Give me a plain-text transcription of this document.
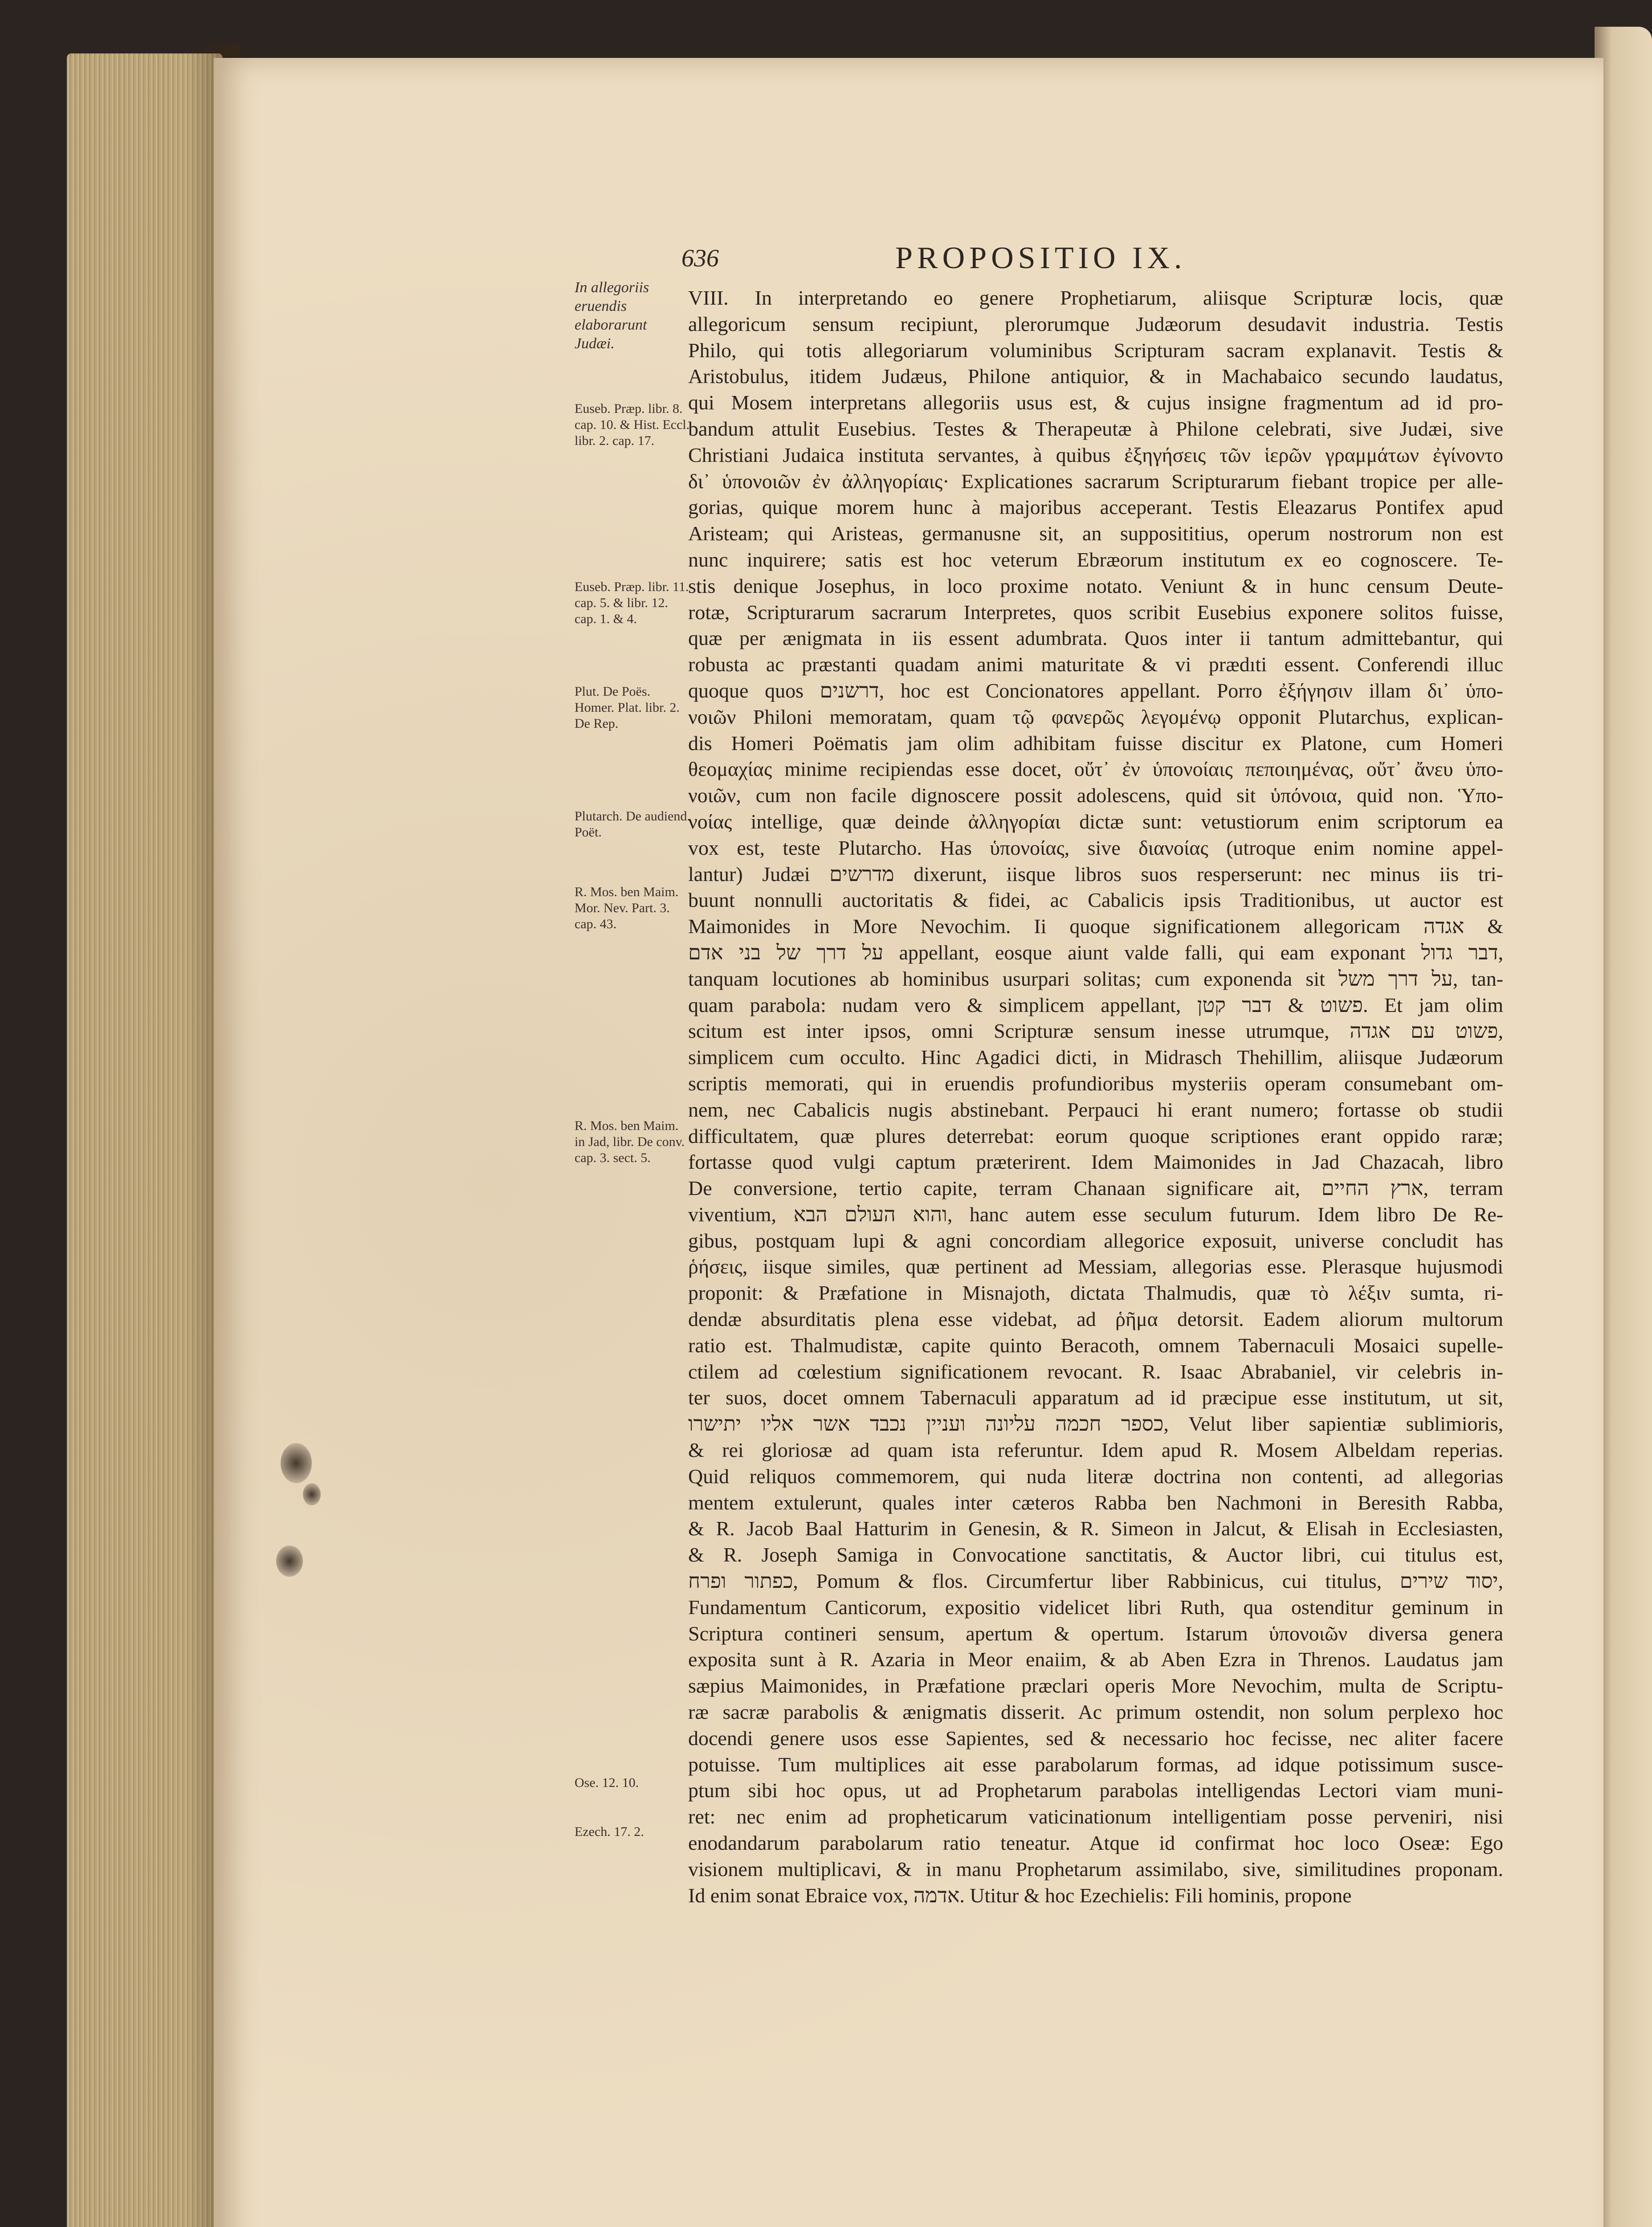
636	PROPOSITIO IX.
In allegoriis eruendis elaborarunt Judæi.
Euseb. Præp. libr. 8. cap. 10. & Hist. Eccl. libr. 2. cap. 17.
Euseb. Præp. libr. 11. cap. 5. & libr. 12. cap. 1. & 4.
Plut. De Poës. Homer. Plat. libr. 2. De Rep.
Plutarch. De audiend. Poët.
R. Mos. ben Maim. Mor. Nev. Part. 3. cap. 43.
R. Mos. ben Maim. in Jad, libr. De conv. cap. 3. sect. 5.
Ose. 12. 10.
Ezech. 17. 2.
VIII. In interpretando eo genere Prophetiarum, aliisque Scripturæ locis, quæ
allegoricum sensum recipiunt, plerorumque Judæorum desudavit industria. Testis
Philo, qui totis allegoriarum voluminibus Scripturam sacram explanavit. Testis &
Aristobulus, itidem Judæus, Philone antiquior, & in Machabaico secundo laudatus,
qui Mosem interpretans allegoriis usus est, & cujus insigne fragmentum ad id pro-
bandum attulit Eusebius. Testes & Therapeutæ à Philone celebrati, sive Judæi, sive
Christiani Judaica instituta servantes, à quibus ἐξηγήσεις τῶν ἱερῶν γραμμάτων ἐγίνοντο
δι᾽ ὑπονοιῶν ἐν ἀλληγορίαις· Explicationes sacrarum Scripturarum fiebant tropice per alle-
gorias, quique morem hunc à majoribus acceperant. Testis Eleazarus Pontifex apud
Aristeam; qui Aristeas, germanusne sit, an supposititius, operum nostrorum non est
nunc inquirere; satis est hoc veterum Ebræorum institutum ex eo cognoscere. Te-
stis denique Josephus, in loco proxime notato. Veniunt & in hunc censum Deute-
rotæ, Scripturarum sacrarum Interpretes, quos scribit Eusebius exponere solitos fuisse,
quæ per ænigmata in iis essent adumbrata. Quos inter ii tantum admittebantur, qui
robusta ac præstanti quadam animi maturitate & vi prædıti essent. Conferendi illuc
quoque quos דרשנים, hoc est Concionatores appellant. Porro ἐξήγησιν illam δι᾽ ὑπο-
νοιῶν Philoni memoratam, quam τῷ φανερῶς λεγομένῳ opponit Plutarchus, explican-
dis Homeri Poëmatis jam olim adhibitam fuisse discitur ex Platone, cum Homeri
θεομαχίας minime recipiendas esse docet, οὔτ᾽ ἐν ὑπονοίαις πεποιημένας, οὔτ᾽ ἄνευ ὑπο-
νοιῶν, cum non facile dignoscere possit adolescens, quid sit ὑπόνοια, quid non. Ὑπο-
νοίας intellige, quæ deinde ἀλληγορίαι dictæ sunt: vetustiorum enim scriptorum ea
vox est, teste Plutarcho. Has ὑπονοίας, sive διανοίας (utroque enim nomine appel-
lantur) Judæi מדרשים dixerunt, iisque libros suos resperserunt: nec minus iis tri-
buunt nonnulli auctoritatis & fidei, ac Cabalicis ipsis Traditionibus, ut auctor est
Maimonides in More Nevochim. Ii quoque significationem allegoricam אגדה &
על דרך של בני אדם appellant, eosque aiunt valde falli, qui eam exponant דבר גדול,
tanquam locutiones ab hominibus usurpari solitas; cum exponenda sit על דרך משל, tan-
quam parabola: nudam vero & simplicem appellant, פשוט & דבר קטן. Et jam olim
scitum est inter ipsos, omni Scripturæ sensum inesse utrumque, פשוט עם אגדה,
simplicem cum occulto. Hinc Agadici dicti, in Midrasch Thehillim, aliisque Judæorum
scriptis memorati, qui in eruendis profundioribus mysteriis operam consumebant om-
nem, nec Cabalicis nugis abstinebant. Perpauci hi erant numero; fortasse ob studii
difficultatem, quæ plures deterrebat: eorum quoque scriptiones erant oppido raræ;
fortasse quod vulgi captum præterirent. Idem Maimonides in Jad Chazacah, libro
De conversione, tertio capite, terram Chanaan significare ait, ארץ החיים, terram
viventium, והוא העולם הבא, hanc autem esse seculum futurum. Idem libro De Re-
gibus, postquam lupi & agni concordiam allegorice exposuit, universe concludit has
ῥήσεις, iisque similes, quæ pertinent ad Messiam, allegorias esse. Plerasque hujusmodi
proponit: & Præfatione in Misnajoth, dictata Thalmudis, quæ τὸ λέξιν sumta, ri-
dendæ absurditatis plena esse videbat, ad ῥῆμα detorsit. Eadem aliorum multorum
ratio est. Thalmudistæ, capite quinto Beracoth, omnem Tabernaculi Mosaici supelle-
ctilem ad cœlestium significationem revocant. R. Isaac Abrabaniel, vir celebris in-
ter suos, docet omnem Tabernaculi apparatum ad id præcipue esse institutum, ut sit,
כספר חכמה עליונה ועניין נכבד אשר אליו יתישרו, Velut liber sapientiæ sublimioris,
& rei gloriosæ ad quam ista referuntur. Idem apud R. Mosem Albeldam reperias.
Quid reliquos commemorem, qui nuda literæ doctrina non contenti, ad allegorias
mentem extulerunt, quales inter cæteros Rabba ben Nachmoni in Beresith Rabba,
& R. Jacob Baal Hatturim in Genesin, & R. Simeon in Jalcut, & Elisah in Ecclesiasten,
& R. Joseph Samiga in Convocatione sanctitatis, & Auctor libri, cui titulus est,
כפתור ופרח, Pomum & flos. Circumfertur liber Rabbinicus, cui titulus, יסוד שירים,
Fundamentum Canticorum, expositio videlicet libri Ruth, qua ostenditur geminum in
Scriptura contineri sensum, apertum & opertum. Istarum ὑπονοιῶν diversa genera
exposita sunt à R. Azaria in Meor enaiim, & ab Aben Ezra in Threnos. Laudatus jam
sæpius Maimonides, in Præfatione præclari operis More Nevochim, multa de Scriptu-
ræ sacræ parabolis & ænigmatis disserit. Ac primum ostendit, non solum perplexo hoc
docendi genere usos esse Sapientes, sed & necessario hoc fecisse, nec aliter facere
potuisse. Tum multiplices ait esse parabolarum formas, ad idque potissimum susce-
ptum sibi hoc opus, ut ad Prophetarum parabolas intelligendas Lectori viam muni-
ret: nec enim ad propheticarum vaticinationum intelligentiam posse perveniri, nisi
enodandarum parabolarum ratio teneatur. Atque id confirmat hoc loco Oseæ: Ego
visionem multiplicavi, & in manu Prophetarum assimilabo, sive, similitudines proponam.
Id enim sonat Ebraice vox, אדמה. Utitur & hoc Ezechielis: Fili hominis, propone
